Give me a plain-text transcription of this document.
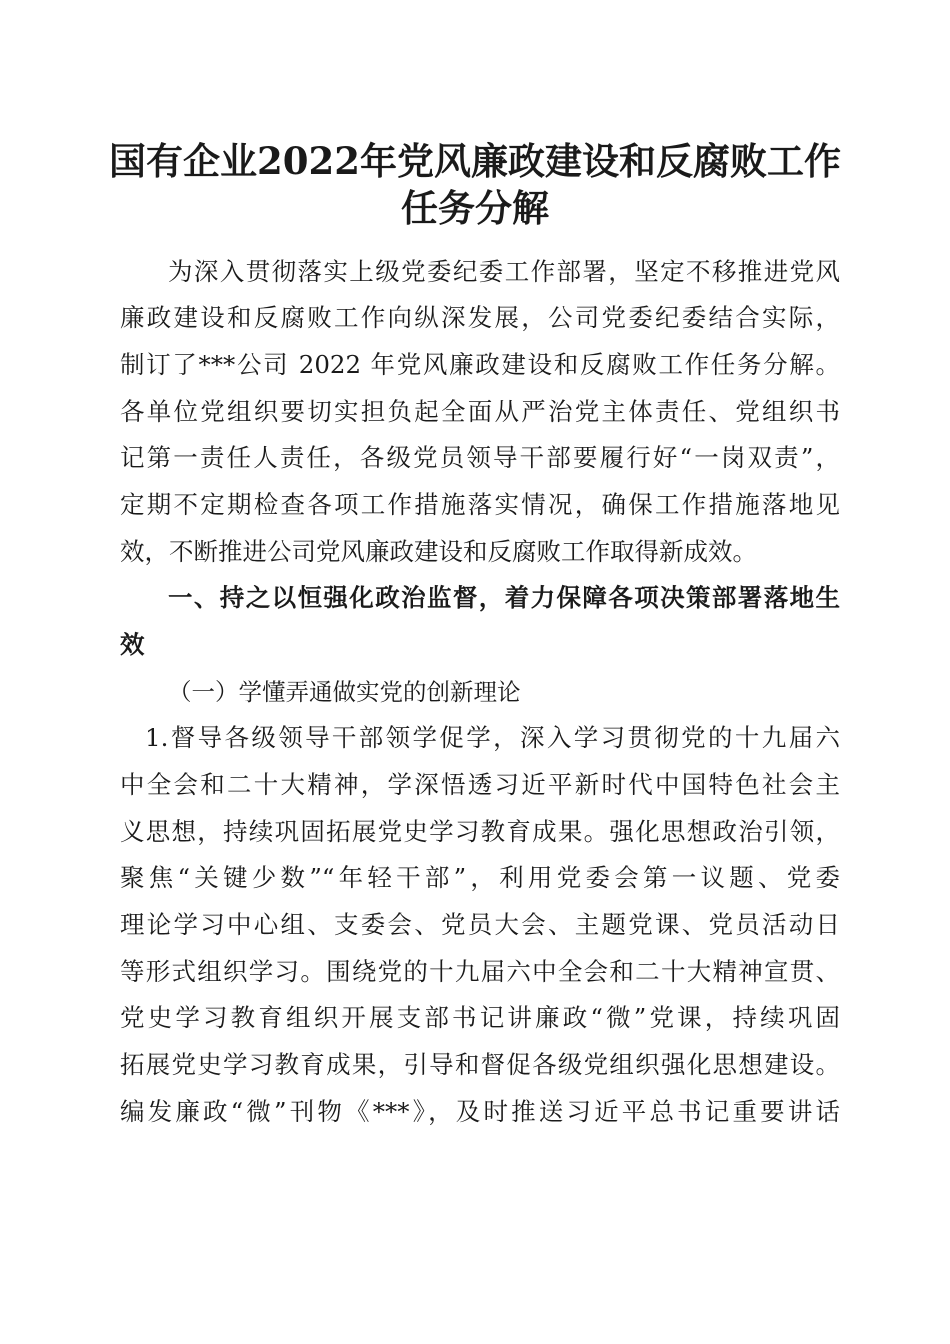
国有企业2022年党风廉政建设和反腐败工作
任务分解
为深入贯彻落实上级党委纪委工作部署，坚定不移推进党风
廉政建设和反腐败工作向纵深发展，公司党委纪委结合实际，
制订了***公司 2022 年党风廉政建设和反腐败工作任务分解。
各单位党组织要切实担负起全面从严治党主体责任、党组织书
记第一责任人责任，各级党员领导干部要履行好“一岗双责”，
定期不定期检查各项工作措施落实情况，确保工作措施落地见
效，不断推进公司党风廉政建设和反腐败工作取得新成效。
一、持之以恒强化政治监督，着力保障各项决策部署落地生
效
（一）学懂弄通做实党的创新理论
1.督导各级领导干部领学促学，深入学习贯彻党的十九届六
中全会和二十大精神，学深悟透习近平新时代中国特色社会主
义思想，持续巩固拓展党史学习教育成果。强化思想政治引领，
聚焦“关键少数”“年轻干部”，利用党委会第一议题、党委
理论学习中心组、支委会、党员大会、主题党课、党员活动日
等形式组织学习。围绕党的十九届六中全会和二十大精神宣贯、
党史学习教育组织开展支部书记讲廉政“微”党课，持续巩固
拓展党史学习教育成果，引导和督促各级党组织强化思想建设。
编发廉政“微”刊物《***》，及时推送习近平总书记重要讲话
